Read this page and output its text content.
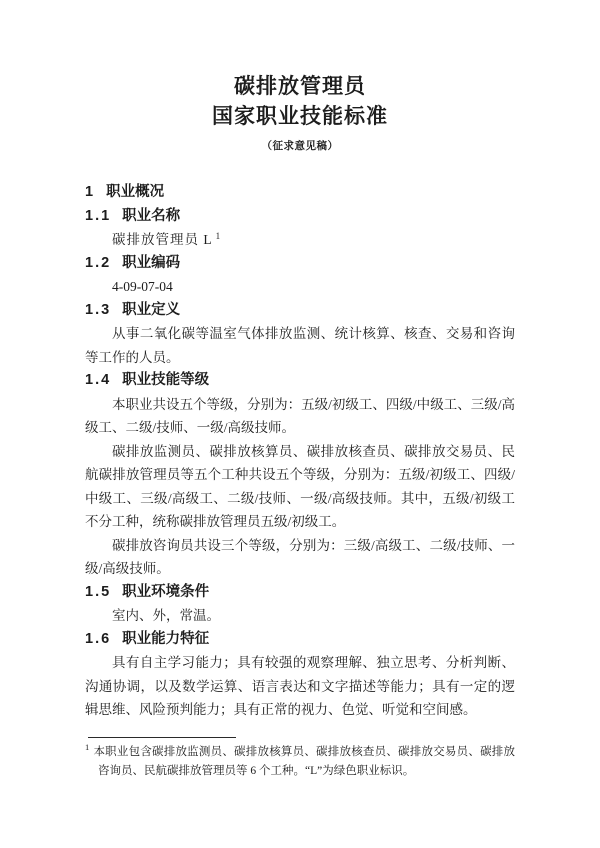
碳排放管理员
国家职业技能标准
（征求意见稿）
1 职业概况
1.1 职业名称
碳排放管理员 L $^1$
1.2 职业编码
4-09-07-04
1.3 职业定义
从事二氧化碳等温室气体排放监测、统计核算、核查、交易和咨询等工作的人员。
1.4 职业技能等级
本职业共设五个等级，分别为：五级/初级工、四级/中级工、三级/高级工、二级/技师、一级/高级技师。
碳排放监测员、碳排放核算员、碳排放核查员、碳排放交易员、民航碳排放管理员等五个工种共设五个等级，分别为：五级/初级工、四级/中级工、三级/高级工、二级/技师、一级/高级技师。其中，五级/初级工不分工种，统称碳排放管理员五级/初级工。
碳排放咨询员共设三个等级，分别为：三级/高级工、二级/技师、一级/高级技师。
1.5 职业环境条件
室内、外，常温。
1.6 职业能力特征
具有自主学习能力；具有较强的观察理解、独立思考、分析判断、沟通协调，以及数学运算、语言表达和文字描述等能力；具有一定的逻辑思维、风险预判能力；具有正常的视力、色觉、听觉和空间感。
$^1$ 本职业包含碳排放监测员、碳排放核算员、碳排放核查员、碳排放交易员、碳排放咨询员、民航碳排放管理员等 6 个工种。“L”为绿色职业标识。
